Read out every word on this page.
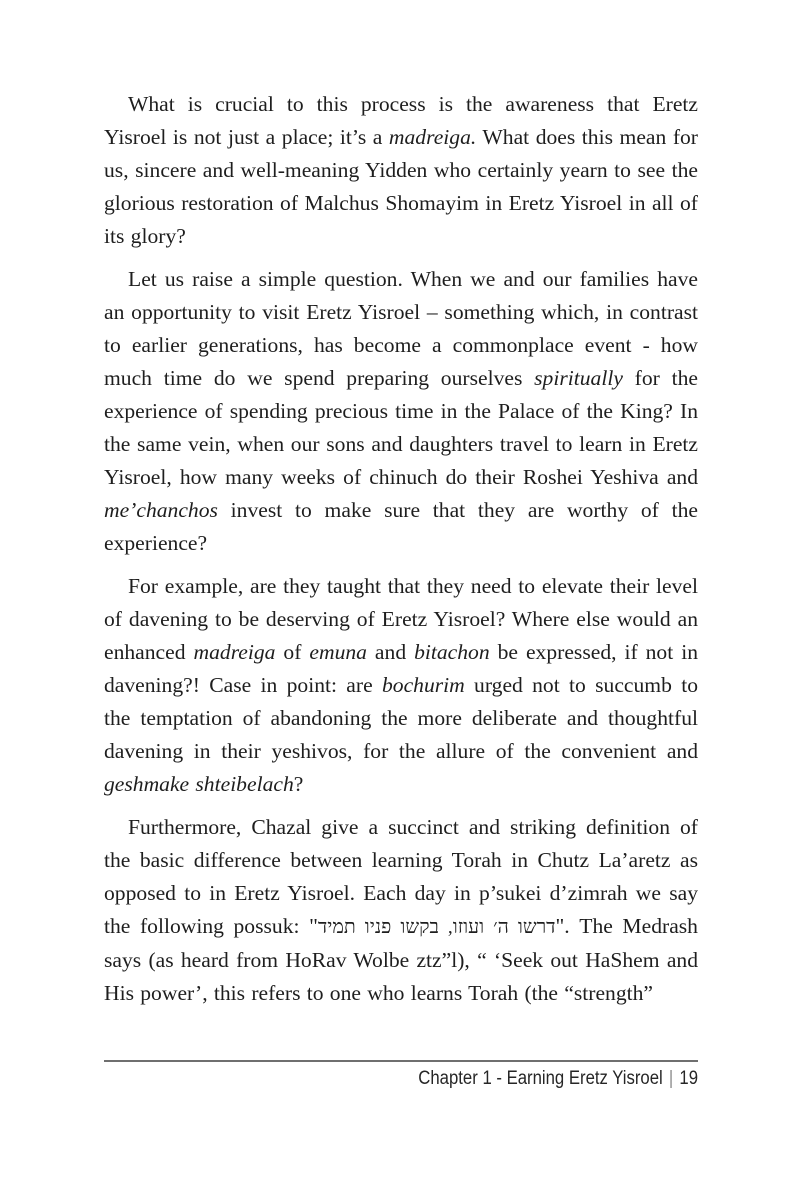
What is crucial to this process is the awareness that Eretz Yisroel is not just a place; it’s a madreiga. What does this mean for us, sincere and well-meaning Yidden who certainly yearn to see the glorious restoration of Malchus Shomayim in Eretz Yisroel in all of its glory?

Let us raise a simple question. When we and our families have an opportunity to visit Eretz Yisroel – something which, in contrast to earlier generations, has become a commonplace event - how much time do we spend preparing ourselves spiritually for the experience of spending precious time in the Palace of the King? In the same vein, when our sons and daughters travel to learn in Eretz Yisroel, how many weeks of chinuch do their Roshei Yeshiva and me’chanchos invest to make sure that they are worthy of the experience?

For example, are they taught that they need to elevate their level of davening to be deserving of Eretz Yisroel? Where else would an enhanced madreiga of emuna and bitachon be expressed, if not in davening?! Case in point: are bochurim urged not to succumb to the temptation of abandoning the more deliberate and thoughtful davening in their yeshivos, for the allure of the convenient and geshmake shteibelach?

Furthermore, Chazal give a succinct and striking definition of the basic difference between learning Torah in Chutz La’aretz as opposed to in Eretz Yisroel. Each day in p’sukei d’zimrah we say the following possuk: "דרשו ה׳ ועוזו, בקשו פניו תמיד". The Medrash says (as heard from HoRav Wolbe ztz”l), “ ‘Seek out HaShem and His power’, this refers to one who learns Torah (the “strength”

Chapter 1 - Earning Eretz Yisroel | 19
